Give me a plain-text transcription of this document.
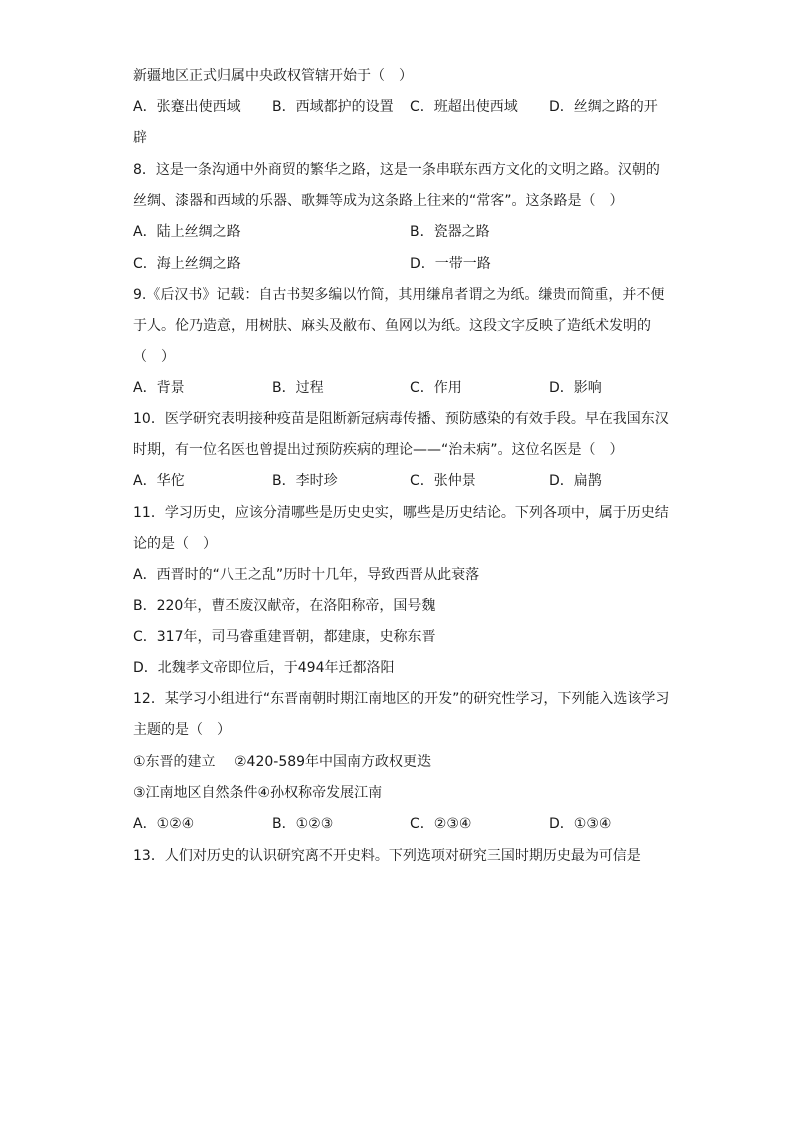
新疆地区正式归属中央政权管辖开始于（　）
A．张蹇出使西域 B．西域都护的设置 C．班超出使西域 D．丝绸之路的开
辟
8．这是一条沟通中外商贸的繁华之路，这是一条串联东西方文化的文明之路。汉朝的
丝绸、漆器和西域的乐器、歌舞等成为这条路上往来的“常客”。这条路是（　）
A．陆上丝绸之路	B．瓷器之路
C．海上丝绸之路	D．一带一路
9.《后汉书》记载：自古书契多编以竹简，其用缣帛者谓之为纸。缣贵而简重，并不便
于人。伦乃造意，用树肤、麻头及敝布、鱼网以为纸。这段文字反映了造纸术发明的
（　）
A．背景	B．过程	C．作用	D．影响
10．医学研究表明接种疫苗是阻断新冠病毒传播、预防感染的有效手段。早在我国东汉
时期，有一位名医也曾提出过预防疾病的理论——“治未病”。这位名医是（　）
A．华佗	B．李时珍	C．张仲景	D．扁鹊
11．学习历史，应该分清哪些是历史史实，哪些是历史结论。下列各项中，属于历史结
论的是（　）
A．西晋时的“八王之乱”历时十几年，导致西晋从此衰落
B．220年，曹丕废汉献帝，在洛阳称帝，国号魏
C．317年，司马睿重建晋朝，都建康，史称东晋
D．北魏孝文帝即位后，于494年迁都洛阳
12．某学习小组进行“东晋南朝时期江南地区的开发”的研究性学习，下列能入选该学习
主题的是（　）
①东晋的建立　 ②420-589年中国南方政权更迭
③江南地区自然条件④孙权称帝发展江南
A．①②④	B．①②③	C．②③④	D．①③④
13．人们对历史的认识研究离不开史料。下列选项对研究三国时期历史最为可信是
